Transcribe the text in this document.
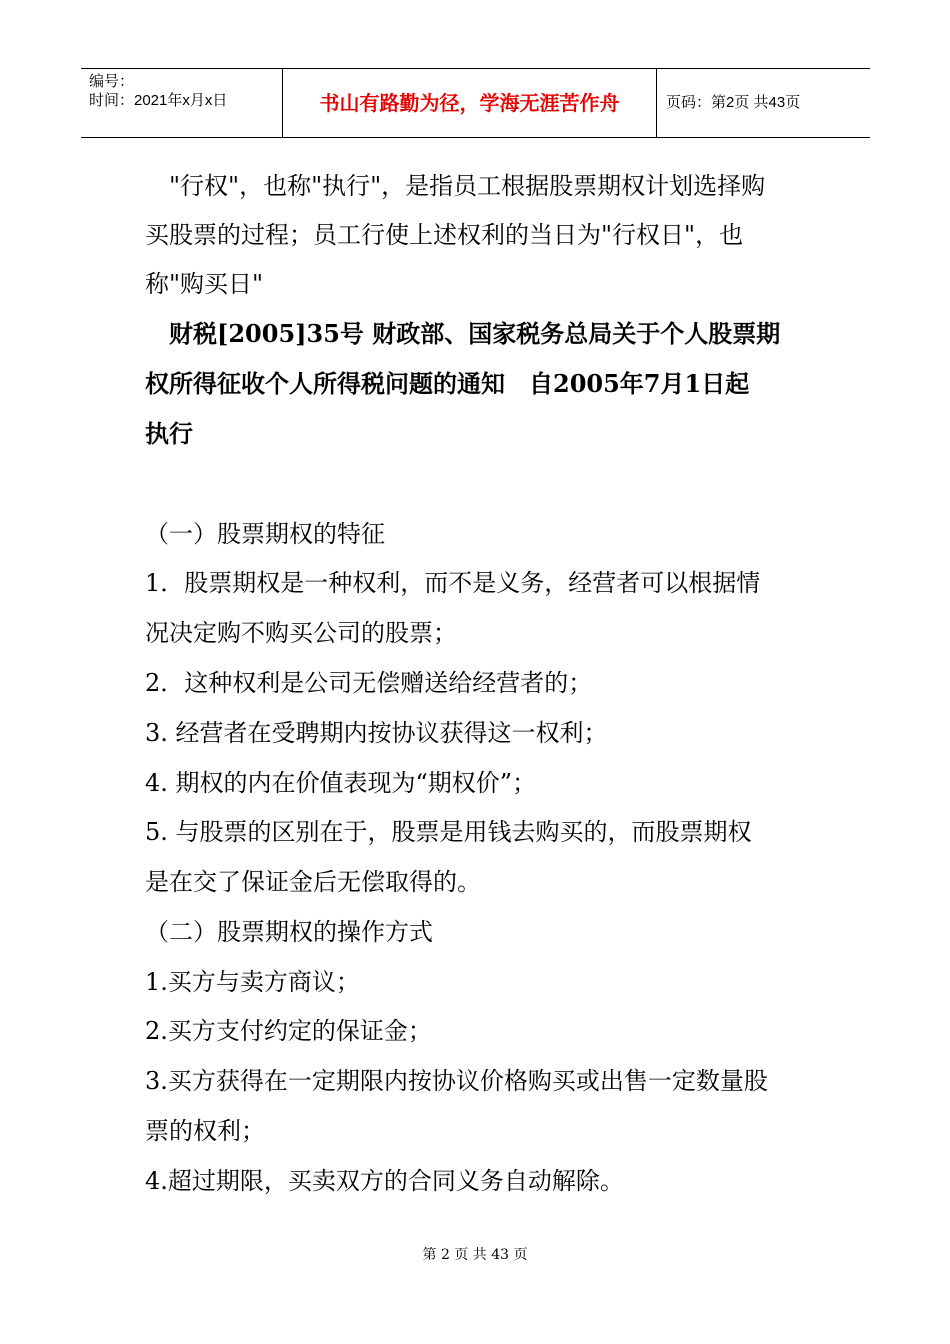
编号：
时间：2021年x月x日	书山有路勤为径，学海无涯苦作舟	页码：第2页 共43页
　"行权"，也称"执行"，是指员工根据股票期权计划选择购
买股票的过程；员工行使上述权利的当日为"行权日"，也
称"购买日"
　财税[2005]35号 财政部、国家税务总局关于个人股票期
权所得征收个人所得税问题的通知　自2005年7月1日起
执行
（一）股票期权的特征
1．股票期权是一种权利，而不是义务，经营者可以根据情
况决定购不购买公司的股票；
2．这种权利是公司无偿赠送给经营者的；
3. 经营者在受聘期内按协议获得这一权利；
4. 期权的内在价值表现为“期权价”；
5. 与股票的区别在于，股票是用钱去购买的，而股票期权
是在交了保证金后无偿取得的。
（二）股票期权的操作方式
1.买方与卖方商议；
2.买方支付约定的保证金；
3.买方获得在一定期限内按协议价格购买或出售一定数量股
票的权利；
4.超过期限，买卖双方的合同义务自动解除。
第 2 页 共 43 页
